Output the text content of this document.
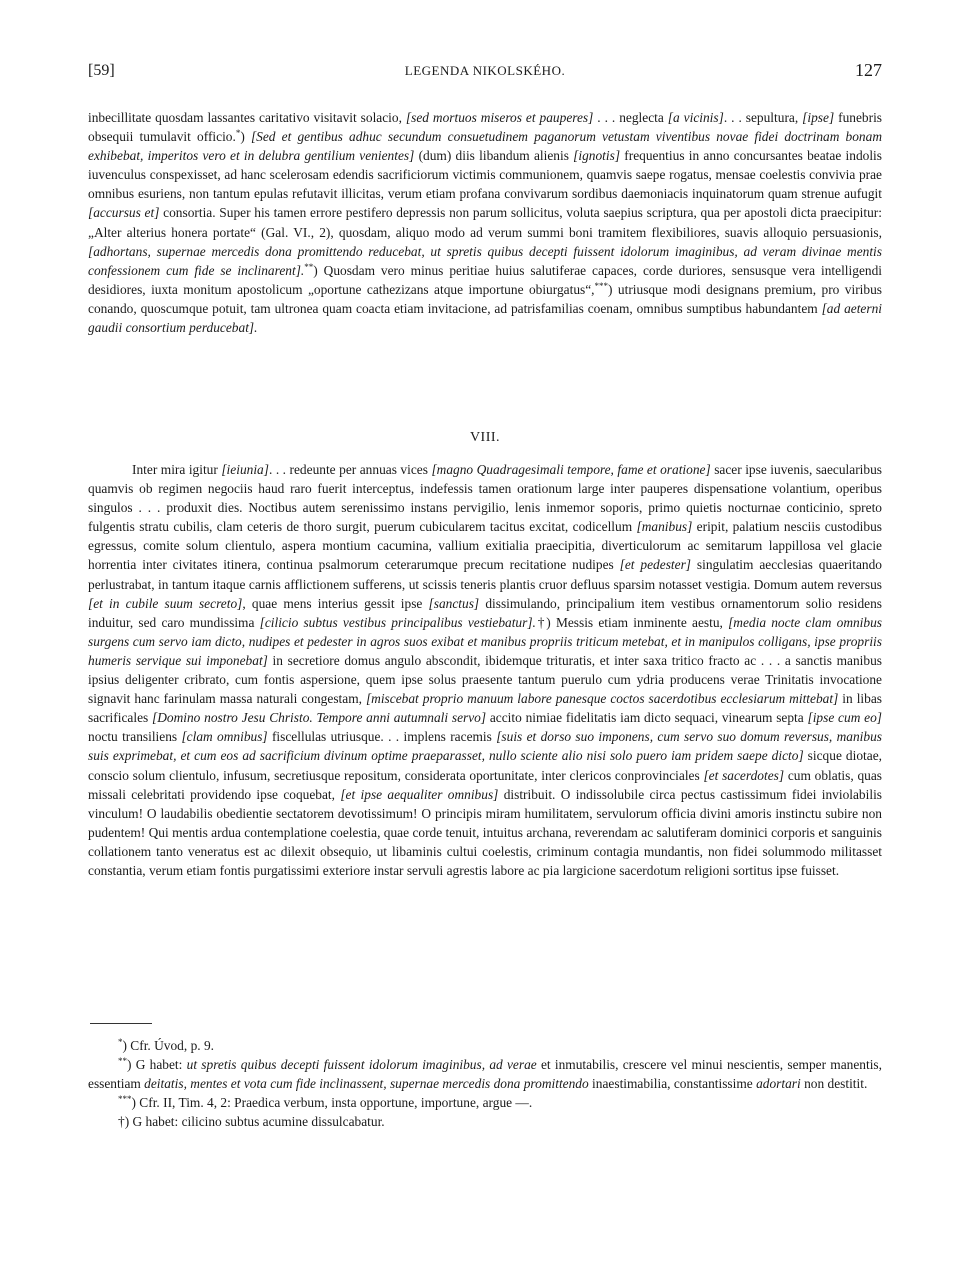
[59]	LEGENDA NIKOLSKÉHO.	127

inbecillitate quosdam lassantes caritativo visitavit solacio, [sed mortuos miseros et pauperes] . . . neglecta [a vicinis]. . . sepultura, [ipse] funebris obsequii tumulavit officio.*) [Sed et gentibus adhuc secundum consuetudinem paganorum vetustam viventibus novae fidei doctrinam bonam exhibebat, imperitos vero et in delubra gentilium venientes] (dum) diis libandum alienis [ignotis] frequentius in anno concursantes beatae indolis iuvenculus conspexisset, ad hanc scelerosam edendis sacrificiorum victimis communionem, quamvis saepe rogatus, mensae coelestis convivia prae omnibus esuriens, non tantum epulas refutavit illicitas, verum etiam profana convivarum sordibus daemoniacis inquinatorum quam strenue aufugit [accursus et] consortia. Super his tamen errore pestifero depressis non parum sollicitus, voluta saepius scriptura, qua per apostoli dicta praecipitur: „Alter alterius honera portate“ (Gal. VI., 2), quosdam, aliquo modo ad verum summi boni tramitem flexibiliores, suavis alloquio persuasionis, [adhortans, supernae mercedis dona promittendo reducebat, ut spretis quibus decepti fuissent idolorum imaginibus, ad veram divinae mentis confessionem cum fide se inclinarent].**) Quosdam vero minus peritiae huius salutiferae capaces, corde duriores, sensusque vera intelligendi desidiores, iuxta monitum apostolicum „oportune cathezizans atque importune obiurgatus“,***) utriusque modi designans premium, pro viribus conando, quoscumque potuit, tam ultronea quam coacta etiam invitacione, ad patrisfamilias coenam, omnibus sumptibus habundantem [ad aeterni gaudii consortium perducebat].

VIII.

Inter mira igitur [ieiunia]. . . redeunte per annuas vices [magno Quadragesimali tempore, fame et oratione] sacer ipse iuvenis, saecularibus quamvis ob regimen negociis haud raro fuerit interceptus, indefessis tamen orationum large inter pauperes dispensatione volantium, operibus singulos . . . produxit dies. Noctibus autem serenissimo instans pervigilio, lenis inmemor soporis, primo quietis nocturnae conticinio, spreto fulgentis stratu cubilis, clam ceteris de thoro surgit, puerum cubicularem tacitus excitat, codicellum [manibus] eripit, palatium nesciis custodibus egressus, comite solum clientulo, aspera montium cacumina, vallium exitialia praecipitia, diverticulorum ac semitarum lappillosa vel glacie horrentia inter civitates itinera, continua psalmorum ceterarumque precum recitatione nudipes [et pedester] singulatim aecclesias quaeritando perlustrabat, in tantum itaque carnis afflictionem sufferens, ut scissis teneris plantis cruor defluus sparsim notasset vestigia. Domum autem reversus [et in cubile suum secreto], quae mens interius gessit ipse [sanctus] dissimulando, principalium item vestibus ornamentorum solio residens induitur, sed caro mundissima [cilicio subtus vestibus principalibus vestiebatur].†) Messis etiam inminente aestu, [media nocte clam omnibus surgens cum servo iam dicto, nudipes et pedester in agros suos exibat et manibus propriis triticum metebat, et in manipulos colligans, ipse propriis humeris servique sui imponebat] in secretiore domus angulo abscondit, ibidemque trituratis, et inter saxa tritico fracto ac . . . a sanctis manibus ipsius deligenter cribrato, cum fontis aspersione, quem ipse solus praesente tantum puerulo cum ydria producens verae Trinitatis invocatione signavit hanc farinulam massa naturali congestam, [miscebat proprio manuum labore panesque coctos sacerdotibus ecclesiarum mittebat] in libas sacrificales [Domino nostro Jesu Christo. Tempore anni autumnali servo] accito nimiae fidelitatis iam dicto sequaci, vinearum septa [ipse cum eo] noctu transiliens [clam omnibus] fiscellulas utriusque. . . implens racemis [suis et dorso suo imponens, cum servo suo domum reversus, manibus suis exprimebat, et cum eos ad sacrificium divinum optime praeparasset, nullo sciente alio nisi solo puero iam pridem saepe dicto] sicque diotae, conscio solum clientulo, infusum, secretiusque repositum, considerata oportunitate, inter clericos conprovinciales [et sacerdotes] cum oblatis, quas missali celebritati providendo ipse coquebat, [et ipse aequaliter omnibus] distribuit. O indissolubile circa pectus castissimum fidei inviolabilis vinculum! O laudabilis obedientie sectatorem devotissimum! O principis miram humilitatem, servulorum officia divini amoris instinctu subire non pudentem! Qui mentis ardua contemplatione coelestia, quae corde tenuit, intuitus archana, reverendam ac salutiferam dominici corporis et sanguinis collationem tanto veneratus est ac dilexit obsequio, ut libaminis cultui coelestis, criminum contagia mundantis, non fidei solummodo militasset constantia, verum etiam fontis purgatissimi exteriore instar servuli agrestis labore ac pia largicione sacerdotum religioni sortitus ipse fuisset.

*) Cfr. Úvod, p. 9.

**) G habet: ut spretis quibus decepti fuissent idolorum imaginibus, ad verae et inmutabilis, crescere vel minui nescientis, semper manentis, essentiam deitatis, mentes et vota cum fide inclinassent, supernae mercedis dona promittendo inaestimabilia, constantissime adortari non destitit.

***) Cfr. II, Tim. 4, 2: Praedica verbum, insta opportune, importune, argue —.

†) G habet: cilicino subtus acumine dissulcabatur.
